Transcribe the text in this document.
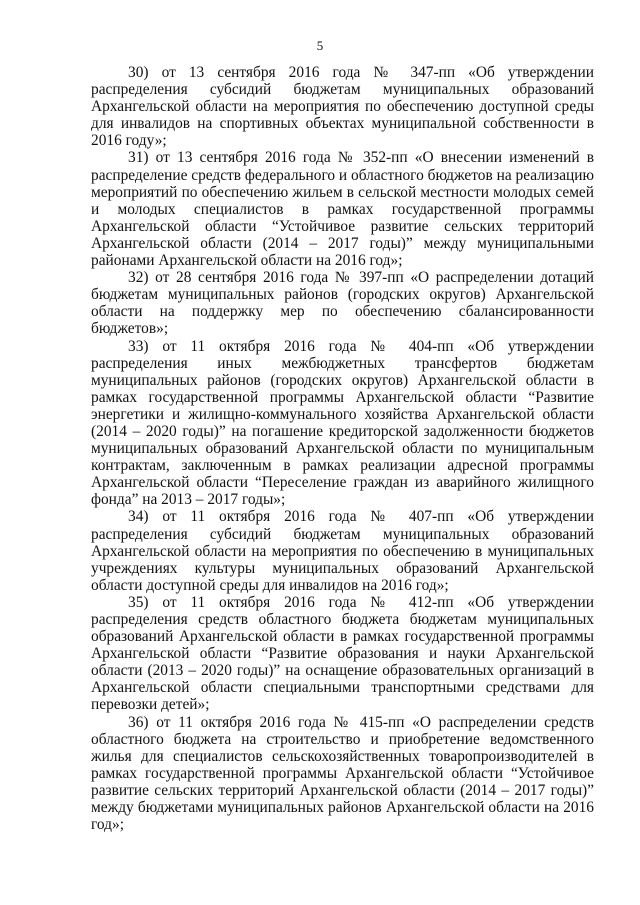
5

30) от 13 сентября 2016 года № 347-пп «Об утверждении распределения субсидий бюджетам муниципальных образований Архангельской области на мероприятия по обеспечению доступной среды для инвалидов на спортивных объектах муниципальной собственности в 2016 году»;

31) от 13 сентября 2016 года № 352-пп «О внесении изменений в распределение средств федерального и областного бюджетов на реализацию мероприятий по обеспечению жильем в сельской местности молодых семей и молодых специалистов в рамках государственной программы Архангельской области “Устойчивое развитие сельских территорий Архангельской области (2014 – 2017 годы)” между муниципальными районами Архангельской области на 2016 год»;

32) от 28 сентября 2016 года № 397-пп «О распределении дотаций бюджетам муниципальных районов (городских округов) Архангельской области на поддержку мер по обеспечению сбалансированности бюджетов»;

33) от 11 октября 2016 года № 404-пп «Об утверждении распределения иных межбюджетных трансфертов бюджетам муниципальных районов (городских округов) Архангельской области в рамках государственной программы Архангельской области “Развитие энергетики и жилищно-коммунального хозяйства Архангельской области (2014 – 2020 годы)” на погашение кредиторской задолженности бюджетов муниципальных образований Архангельской области по муниципальным контрактам, заключенным в рамках реализации адресной программы Архангельской области “Переселение граждан из аварийного жилищного фонда” на 2013 – 2017 годы»;

34) от 11 октября 2016 года № 407-пп «Об утверждении распределения субсидий бюджетам муниципальных образований Архангельской области на мероприятия по обеспечению в муниципальных учреждениях культуры муниципальных образований Архангельской области доступной среды для инвалидов на 2016 год»;

35) от 11 октября 2016 года № 412-пп «Об утверждении распределения средств областного бюджета бюджетам муниципальных образований Архангельской области в рамках государственной программы Архангельской области “Развитие образования и науки Архангельской области (2013 – 2020 годы)” на оснащение образовательных организаций в Архангельской области специальными транспортными средствами для перевозки детей»;

36) от 11 октября 2016 года № 415-пп «О распределении средств областного бюджета на строительство и приобретение ведомственного жилья для специалистов сельскохозяйственных товаропроизводителей в рамках государственной программы Архангельской области “Устойчивое развитие сельских территорий Архангельской области (2014 – 2017 годы)” между бюджетами муниципальных районов Архангельской области на 2016 год»;
